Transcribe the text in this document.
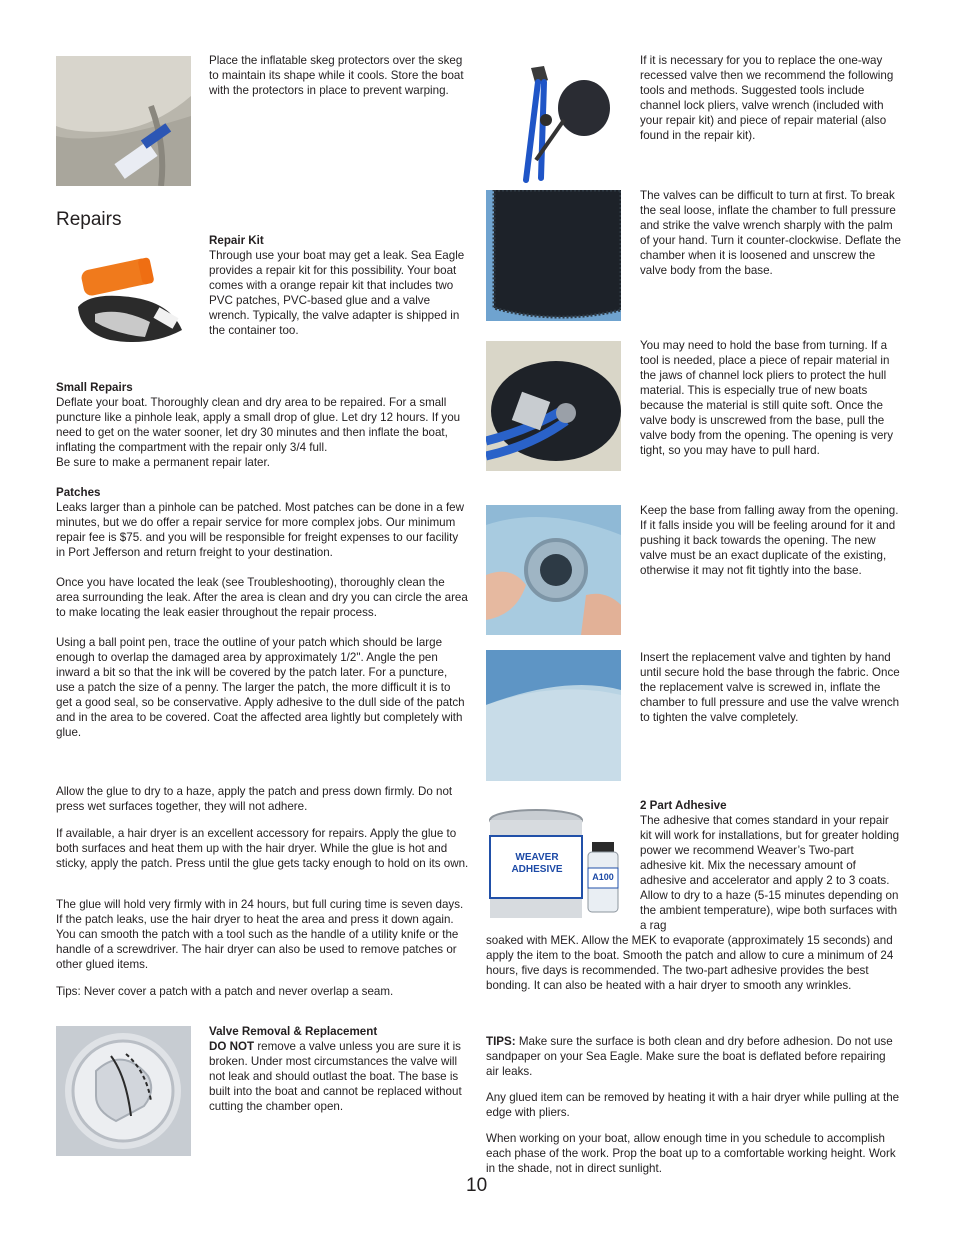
Place the inflatable skeg protectors over the skeg to maintain its shape while it cools. Store the boat with the protectors in place to prevent warping.

Repairs

Repair Kit

Through use your boat may get a leak. Sea Eagle provides a repair kit for this possibility. Your boat comes with a orange repair kit that includes two PVC patches, PVC-based glue and a valve wrench. Typically, the valve adapter is shipped in the container too.

Small Repairs

Deflate your boat. Thoroughly clean and dry area to be repaired. For a small puncture like a pinhole leak, apply a small drop of glue. Let dry 12 hours. If you need to get on the water sooner, let dry 30 minutes and then inflate the boat, inflating the compartment with the repair only 3/4 full.

Be sure to make a permanent repair later.

Patches

Leaks larger than a pinhole can be patched. Most patches can be done in a few minutes, but we do offer a repair service for more complex jobs. Our minimum repair fee is $75. and you will be responsible for freight expenses to our facility in Port Jefferson and return freight to your destination.

Once you have located the leak (see Troubleshooting), thoroughly clean the area surrounding the leak. After the area is clean and dry you can circle the area to make locating the leak easier throughout the repair process.

Using a ball point pen, trace the outline of your patch which should be large enough to overlap the damaged area by approximately 1/2". Angle the pen inward a bit so that the ink will be covered by the patch later. For a puncture, use a patch the size of a penny. The larger the patch, the more difficult it is to get a good seal, so be conservative. Apply adhesive to the dull side of the patch and in the area to be covered. Coat the affected area lightly but completely with glue.

Allow the glue to dry to a haze, apply the patch and press down firmly. Do not press wet surfaces together, they will not adhere.

If available, a hair dryer is an excellent accessory for repairs. Apply the glue to both surfaces and heat them up with the hair dryer. While the glue is hot and sticky, apply the patch. Press until the glue gets tacky enough to hold on its own.

The glue will hold very firmly with in 24 hours, but full curing time is seven days. If the patch leaks, use the hair dryer to heat the area and press it down again. You can smooth the patch with a tool such as the handle of a utility knife or the handle of a screwdriver. The hair dryer can also be used to remove patches or other glued items.

Tips: Never cover a patch with a patch and never overlap a seam.

Valve Removal & Replacement

DO NOT remove a valve unless you are sure it is broken. Under most circumstances the valve will not leak and should outlast the boat. The base is built into the boat and cannot be replaced without cutting the chamber open.

If it is necessary for you to replace the one-way recessed valve then we recommend the following tools and methods. Suggested tools include channel lock pliers, valve wrench (included with your repair kit) and piece of repair material (also found in the repair kit).

The valves can be difficult to turn at first. To break the seal loose, inflate the chamber to full pressure and strike the valve wrench sharply with the palm of your hand. Turn it counter-clockwise. Deflate the chamber when it is loosened and unscrew the valve body from the base.

You may need to hold the base from turning. If a tool is needed, place a piece of repair material in the jaws of channel lock pliers to protect the hull material. This is especially true of new boats because the material is still quite soft. Once the valve body is unscrewed from the base, pull the valve body from the opening. The opening is very tight, so you may have to pull hard.

Keep the base from falling away from the opening. If it falls inside you will be feeling around for it and pushing it back towards the opening. The new valve must be an exact duplicate of the existing, otherwise it may not fit tightly into the base.

Insert the replacement valve and tighten by hand until secure hold the base through the fabric. Once the replacement valve is screwed in, inflate the chamber to full pressure and use the valve wrench to tighten the valve completely.

WEAVER ADHESIVE
A100

2 Part Adhesive

The adhesive that comes standard in your repair kit will work for installations, but for greater holding power we recommend Weaver’s Two-part adhesive kit. Mix the necessary amount of adhesive and accelerator and apply 2 to 3 coats. Allow to dry to a haze (5-15 minutes depending on the ambient temperature), wipe both surfaces with a rag

soaked with MEK. Allow the MEK to evaporate (approximately 15 seconds) and apply the item to the boat. Smooth the patch and allow to cure a minimum of 24 hours, five days is recommended. The two-part adhesive provides the best bonding. It can also be heated with a hair dryer to smooth any wrinkles.

TIPS: Make sure the surface is both clean and dry before adhesion. Do not use sandpaper on your Sea Eagle. Make sure the boat is deflated before repairing air leaks.

Any glued item can be removed by heating it with a hair dryer while pulling at the edge with pliers.

When working on your boat, allow enough time in you schedule to accomplish each phase of the work. Prop the boat up to a comfortable working height. Work in the shade, not in direct sunlight.

10
